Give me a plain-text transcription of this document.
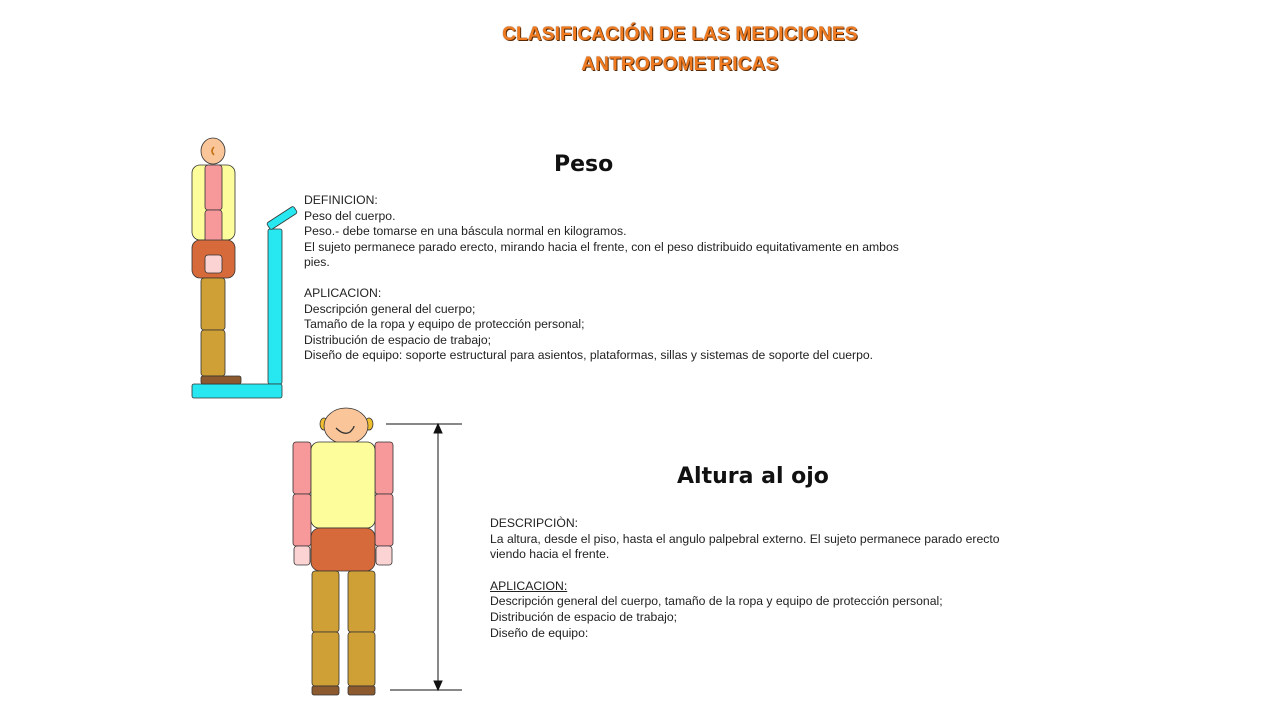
CLASIFICACIÓN DE LAS MEDICIONES
ANTROPOMETRICAS
Peso
DEFINICION:
Peso del cuerpo.
Peso.- debe tomarse en una báscula normal en kilogramos.
El sujeto permanece parado erecto, mirando hacia el frente, con el peso distribuido equitativamente en ambos
pies.
APLICACION:
Descripción general del cuerpo;
Tamaño de la ropa y equipo de protección personal;
Distribución de espacio de trabajo;
Diseño de equipo: soporte estructural para asientos, plataformas, sillas y sistemas de soporte del cuerpo.
Altura al ojo
DESCRIPCIÒN:
La altura, desde el piso, hasta el angulo palpebral externo. El sujeto permanece parado erecto
viendo hacia el frente.
APLICACION:
Descripción general del cuerpo, tamaño de la ropa y equipo de protección personal;
Distribución de espacio de trabajo;
Diseño de equipo:
